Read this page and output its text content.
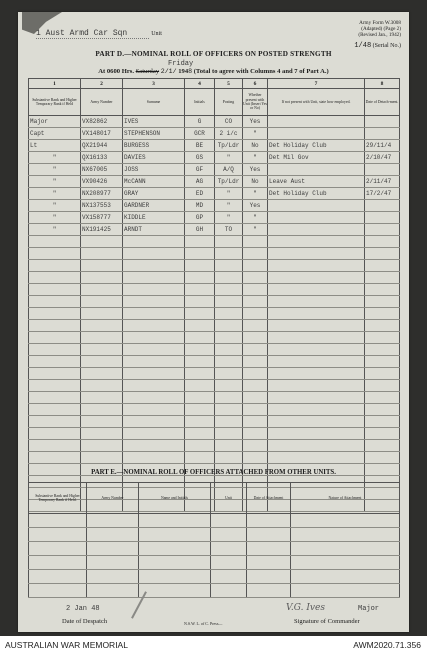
1 Aust Armd Car Sqn	Unit
Army Form W.3008
(Adapted) (Page 2)
(Revised Jan., 1942)
1/48 (Serial No.)
PART D.—NOMINAL ROLL OF OFFICERS ON POSTED STRENGTH
Friday
At 0600 Hrs. Saturday 2/1/ 1948 (Total to agree with Columns 4 and 7 of Part A.)
1	2	3	4	5	6	7	8
Substantive Rank and Higher Temporary Rank if Held	Army Number	Surname	Initials	Posting	Whether present with Unit (Insert Yes or No)	If not present with Unit, state how employed.	Date of Detach-ment.
Major	VX82862	IVES	G	CO	Yes		
Capt	VX148017	STEPHENSON	GCR	2 i/c	"		
Lt	QX21944	BURGESS	BE	Tp/Ldr	No	Det Holiday Club	29/11/4
"	QX16133	DAVIES	GS	"	"	Det Mil Gov	2/10/47
"	NX67005	JOSS	GF	A/Q	Yes		
"	VX90426	McCANN	AG	Tp/Ldr	No	Leave Aust	2/11/47
"	NX208977	GRAY	ED	"	"	Det Holiday Club	17/2/47
"	NX137553	GARDNER	MD	"	Yes		
"	VX158777	KIDDLE	GP	"	"		
"	NX191425	ARNDT	GH	TO	"		

PART E.—NOMINAL ROLL OF OFFICERS ATTACHED FROM OTHER UNITS.
Substantive Rank and Higher Temporary Rank if Held.	Army Number	Name and Initials	Unit	Date of Attachment	Nature of Attachment

2 Jan 48
Date of Despatch	N.S.W. L. of C. Press—
V.G. Ives	Major
Signature of Commander
AUSTRALIAN WAR MEMORIAL	AWM2020.71.356
